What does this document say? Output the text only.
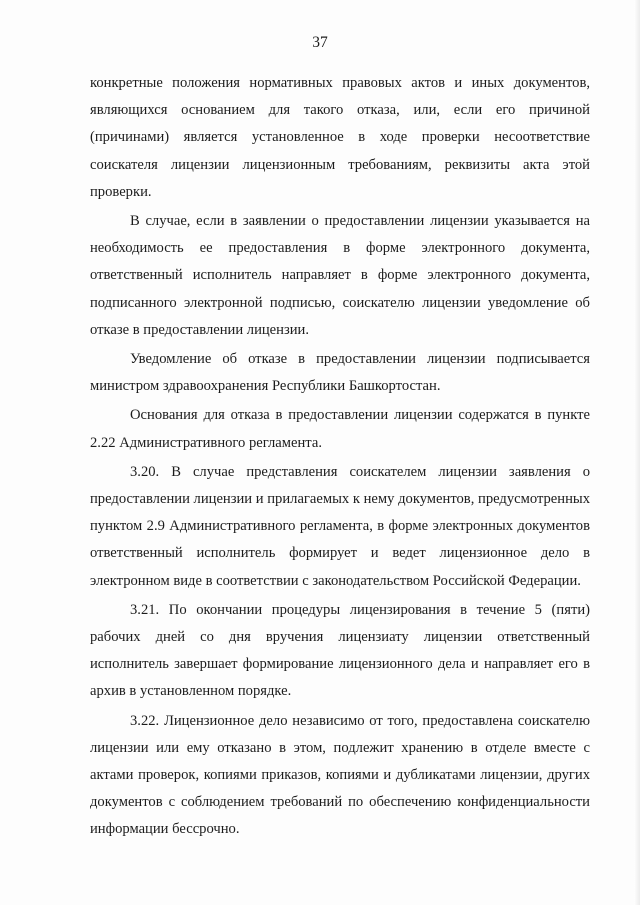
37

конкретные положения нормативных правовых актов и иных документов, являющихся основанием для такого отказа, или, если его причиной (причинами) является установленное в ходе проверки несоответствие соискателя лицензии лицензионным требованиям, реквизиты акта этой проверки.

В случае, если в заявлении о предоставлении лицензии указывается на необходимость ее предоставления в форме электронного документа, ответственный исполнитель направляет в форме электронного документа, подписанного электронной подписью, соискателю лицензии уведомление об отказе в предоставлении лицензии.

Уведомление об отказе в предоставлении лицензии подписывается министром здравоохранения Республики Башкортостан.

Основания для отказа в предоставлении лицензии содержатся в пункте 2.22 Административного регламента.

3.20. В случае представления соискателем лицензии заявления о предоставлении лицензии и прилагаемых к нему документов, предусмотренных пунктом 2.9 Административного регламента, в форме электронных документов ответственный исполнитель формирует и ведет лицензионное дело в электронном виде в соответствии с законодательством Российской Федерации.

3.21. По окончании процедуры лицензирования в течение 5 (пяти) рабочих дней со дня вручения лицензиату лицензии ответственный исполнитель завершает формирование лицензионного дела и направляет его в архив в установленном порядке.

3.22. Лицензионное дело независимо от того, предоставлена соискателю лицензии или ему отказано в этом, подлежит хранению в отделе вместе с актами проверок, копиями приказов, копиями и дубликатами лицензии, других документов с соблюдением требований по обеспечению конфиденциальности информации бессрочно.
